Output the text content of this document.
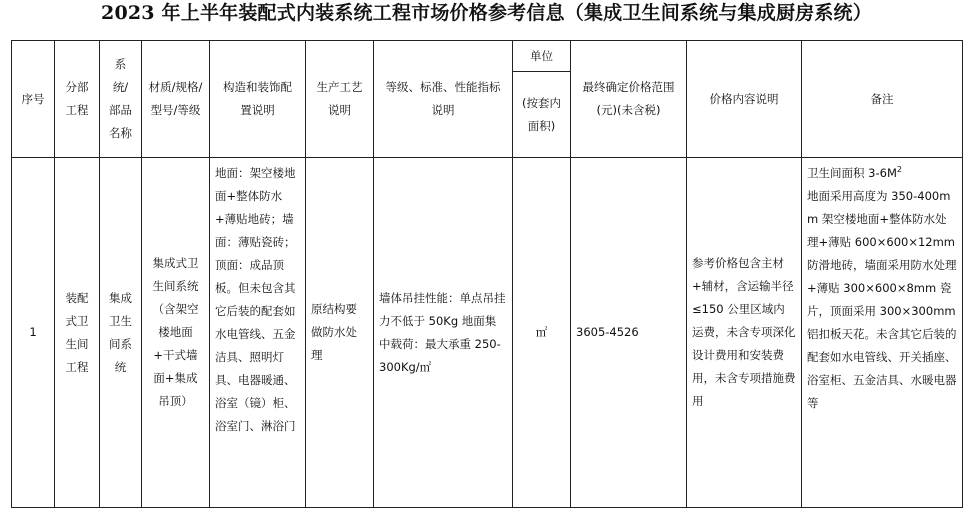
2023 年上半年装配式内装系统工程市场价格参考信息（集成卫生间系统与集成厨房系统）
序号	分部工程	系统/部品名称	材质/规格/型号/等级	构造和装饰配置说明	生产工艺说明	等级、标准、性能指标说明	单位
(按套内面积)	最终确定价格范围(元)(未含税)	价格内容说明	备注

1	装配式卫生间工程	集成卫生间系统	集成式卫生间系统（含架空楼地面+干式墙面+集成吊顶）	地面：架空楼地面+整体防水+薄贴地砖；墙面：薄贴瓷砖；顶面：成品顶板。但未包含其它后装的配套如水电管线、五金洁具、照明灯具、电器暖通、浴室（镜）柜、浴室门、淋浴门	原结构要做防水处理	墙体吊挂性能：单点吊挂力不低于 50Kg 地面集中载荷：最大承重 250-300Kg/㎡	㎡	3605-4526	参考价格包含主材+辅材，含运输半径≤150 公里区域内运费，未含专项深化设计费用和安装费用，未含专项措施费用	卫生间面积 $3-6M^2$
地面采用高度为 350-400mm 架空楼地面+整体防水处理+薄贴 600×600×12mm 防滑地砖，墙面采用防水处理+薄贴 300×600×8mm 瓷片，顶面采用 300×300mm 铝扣板天花。未含其它后装的配套如水电管线、开关插座、浴室柜、五金洁具、水暖电器等
